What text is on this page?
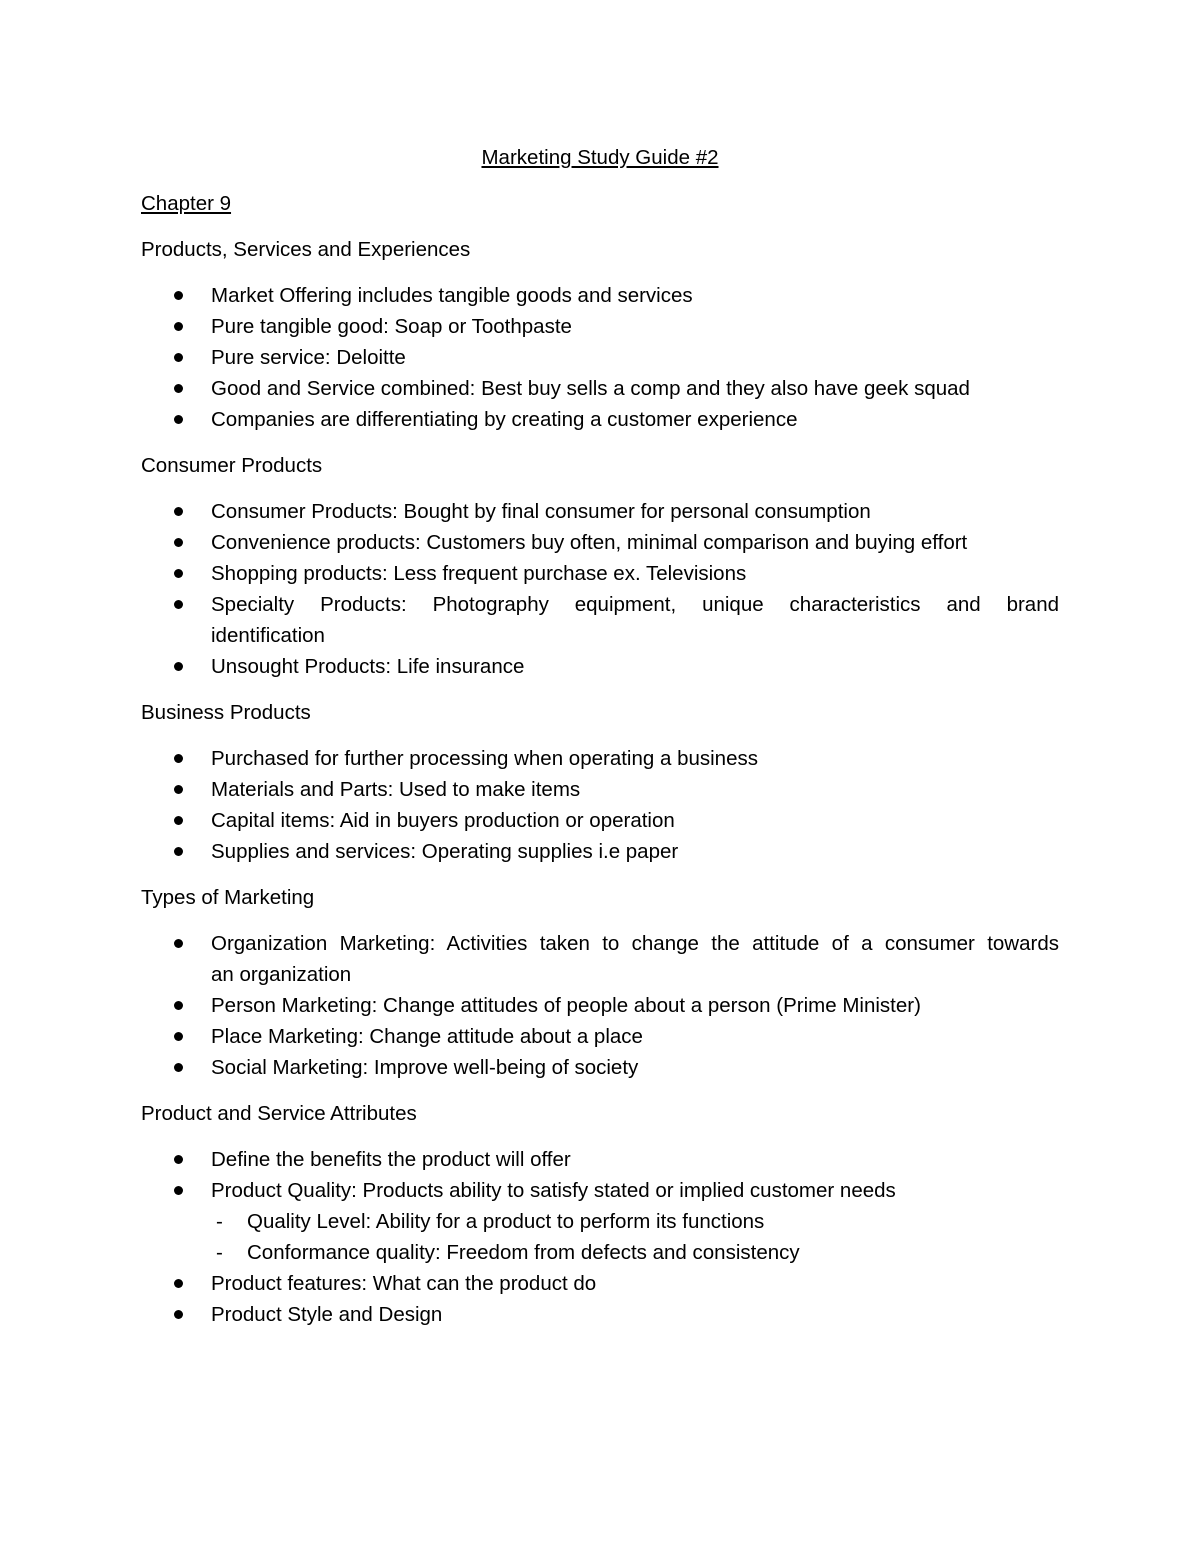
Marketing Study Guide #2
Chapter 9
Products, Services and Experiences
Market Offering includes tangible goods and services
Pure tangible good: Soap or Toothpaste
Pure service: Deloitte
Good and Service combined: Best buy sells a comp and they also have geek squad
Companies are differentiating by creating a customer experience
Consumer Products
Consumer Products: Bought by final consumer for personal consumption
Convenience products: Customers buy often, minimal comparison and buying effort
Shopping products: Less frequent purchase ex. Televisions
Specialty Products: Photography equipment, unique characteristics and brand
identification
Unsought Products: Life insurance
Business Products
Purchased for further processing when operating a business
Materials and Parts: Used to make items
Capital items: Aid in buyers production or operation
Supplies and services: Operating supplies i.e paper
Types of Marketing
Organization Marketing: Activities taken to change the attitude of a consumer towards
an organization
Person Marketing: Change attitudes of people about a person (Prime Minister)
Place Marketing: Change attitude about a place
Social Marketing: Improve well-being of society
Product and Service Attributes
Define the benefits the product will offer
Product Quality: Products ability to satisfy stated or implied customer needs
- Quality Level: Ability for a product to perform its functions
- Conformance quality: Freedom from defects and consistency
Product features: What can the product do
Product Style and Design
